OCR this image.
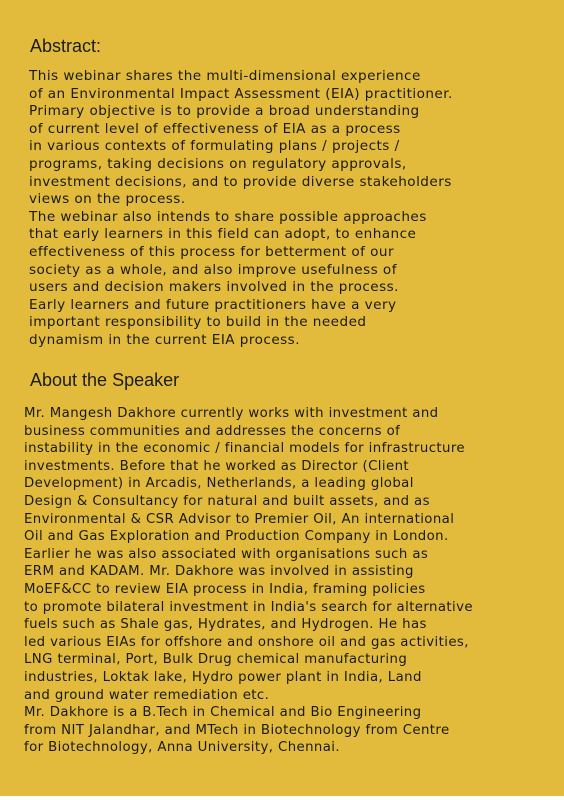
Abstract:
This webinar shares the multi-dimensional experience
of an Environmental Impact Assessment (EIA) practitioner.
Primary objective is to provide a broad understanding
of current level of effectiveness of EIA as a process
in various contexts of formulating plans / projects /
programs, taking decisions on regulatory approvals,
investment decisions, and to provide diverse stakeholders
views on the process.
The webinar also intends to share possible approaches
that early learners in this field can adopt, to enhance
effectiveness of this process for betterment of our
society as a whole, and also improve usefulness of
users and decision makers involved in the process.
Early learners and future practitioners have a very
important responsibility to build in the needed
dynamism in the current EIA process.
About the Speaker
Mr. Mangesh Dakhore currently works with investment and
business communities and addresses the concerns of
instability in the economic / financial models for infrastructure
investments. Before that he worked as Director (Client
Development) in Arcadis, Netherlands, a leading global
Design & Consultancy for natural and built assets, and as
Environmental & CSR Advisor to Premier Oil, An international
Oil and Gas Exploration and Production Company in London.
Earlier he was also associated with organisations such as
ERM and KADAM. Mr. Dakhore was involved in assisting
MoEF&CC to review EIA process in India, framing policies
to promote bilateral investment in India's search for alternative
fuels such as Shale gas, Hydrates, and Hydrogen. He has
led various EIAs for offshore and onshore oil and gas activities,
LNG terminal, Port, Bulk Drug chemical manufacturing
industries, Loktak lake, Hydro power plant in India, Land
and ground water remediation etc.
Mr. Dakhore is a B.Tech in Chemical and Bio Engineering
from NIT Jalandhar, and MTech in Biotechnology from Centre
for Biotechnology, Anna University, Chennai.
